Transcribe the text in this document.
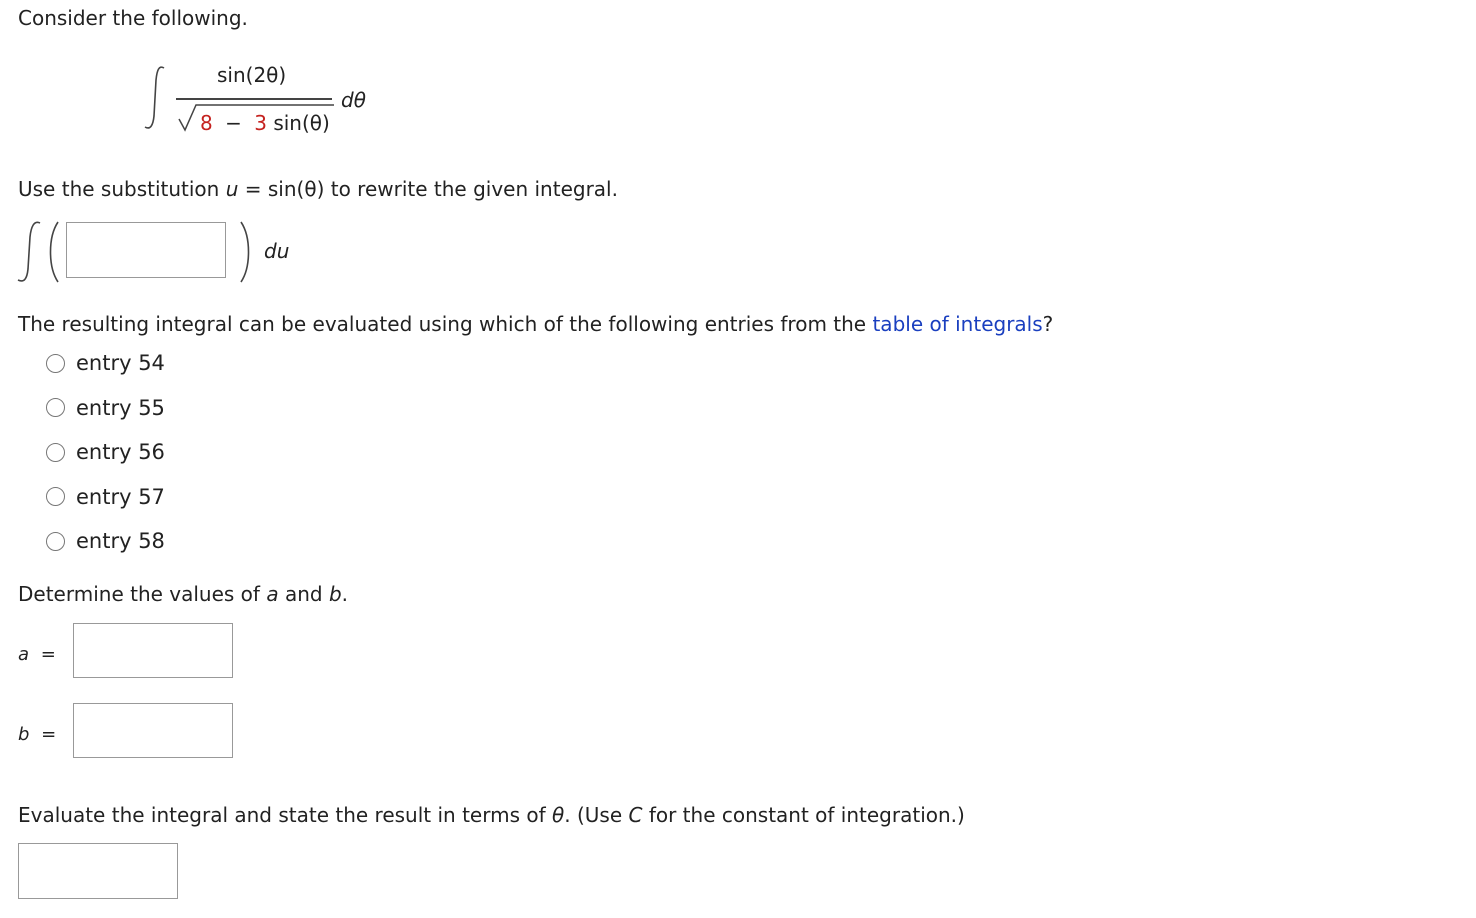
Consider the following.
sin(2θ)
8 − 3 sin(θ)
dθ
Use the substitution u = sin(θ) to rewrite the given integral.
du
The resulting integral can be evaluated using which of the following entries from the table of integrals?
entry 54
entry 55
entry 56
entry 57
entry 58
Determine the values of a and b.
a =
b =
Evaluate the integral and state the result in terms of θ. (Use C for the constant of integration.)
